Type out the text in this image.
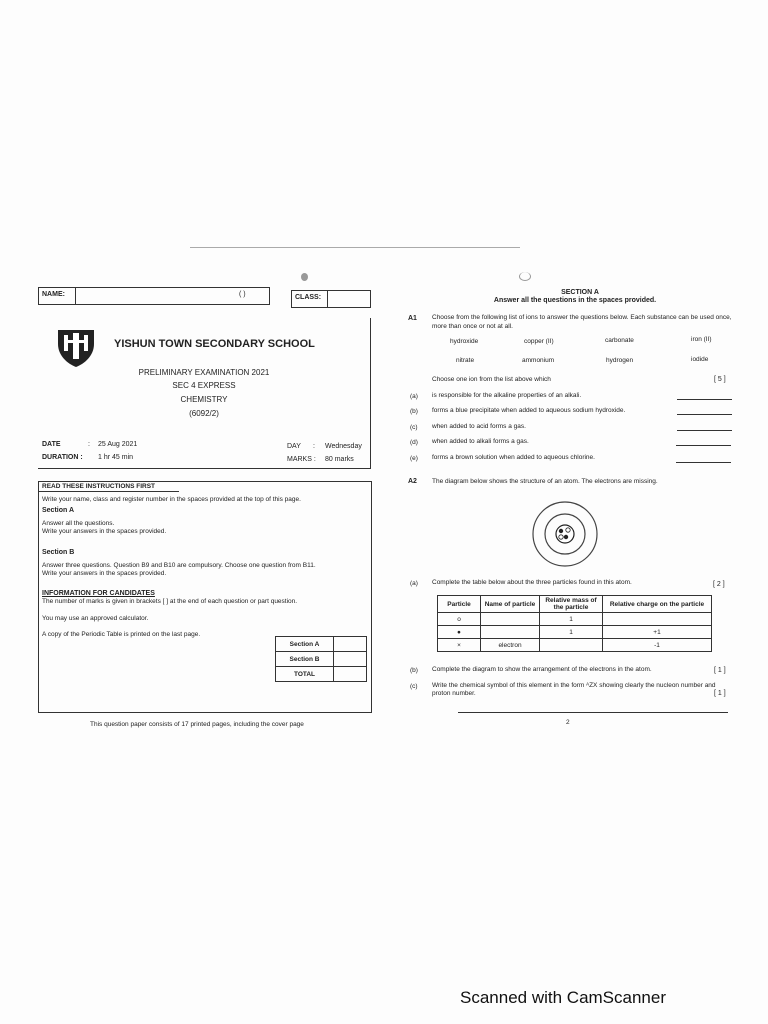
NAME:	( )	CLASS:
YISHUN TOWN SECONDARY SCHOOL
PRELIMINARY EXAMINATION 2021
SEC 4 EXPRESS
CHEMISTRY
(6092/2)
DATE	: 25 Aug 2021	DAY : Wednesday
DURATION : 1 hr 45 min	MARKS : 80 marks
READ THESE INSTRUCTIONS FIRST
Write your name, class and register number in the spaces provided at the top of this page.
Section A
Answer all the questions.
Write your answers in the spaces provided.
Section B
Answer three questions. Question B9 and B10 are compulsory. Choose one question from B11.
Write your answers in the spaces provided.
INFORMATION FOR CANDIDATES
The number of marks is given in brackets [ ] at the end of each question or part question.
You may use an approved calculator.
A copy of the Periodic Table is printed on the last page.
Section A	
Section B	
TOTAL	
This question paper consists of 17 printed pages, including the cover page
SECTION A
Answer all the questions in the spaces provided.
A1 Choose from the following list of ions to answer the questions below. Each substance can be used once, more than once or not at all.
hydroxide	copper (II)	carbonate	iron (II)
nitrate	ammonium	hydrogen	iodide
Choose one ion from the list above which	[ 5 ]
(a) is responsible for the alkaline properties of an alkali.
(b) forms a blue precipitate when added to aqueous sodium hydroxide.
(c) when added to acid forms a gas.
(d) when added to alkali forms a gas.
(e) forms a brown solution when added to aqueous chlorine.
A2 The diagram below shows the structure of an atom. The electrons are missing.
(a) Complete the table below about the three particles found in this atom.	[ 2 ]
Particle	Name of particle	Relative mass of the particle	Relative charge on the particle
o		1	
●		1	+1
×	electron		-1
(b) Complete the diagram to show the arrangement of the electrons in the atom.	[ 1 ]
(c) Write the chemical symbol of this element in the form ᴬZX showing clearly the nucleon number and proton number.	[ 1 ]
2
Scanned with CamScanner
